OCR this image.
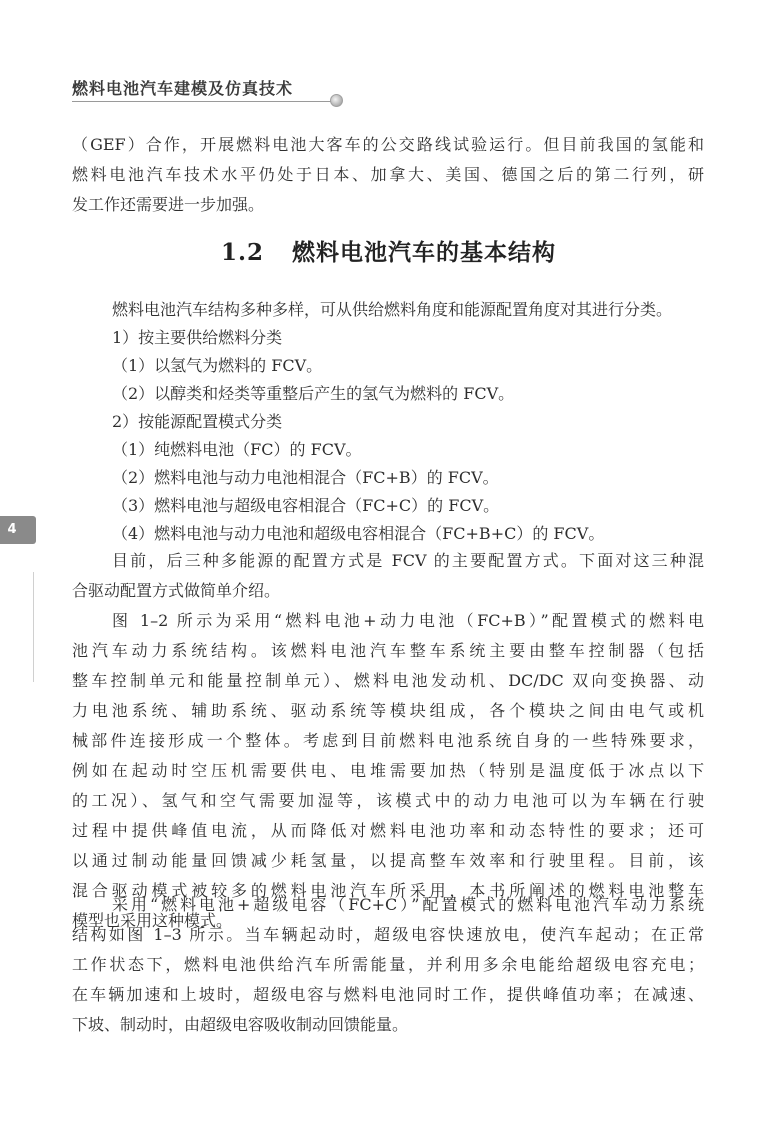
燃料电池汽车建模及仿真技术
（GEF）合作，开展燃料电池大客车的公交路线试验运行。但目前我国的氢能和
燃料电池汽车技术水平仍处于日本、加拿大、美国、德国之后的第二行列，研
发工作还需要进一步加强。
1.2 燃料电池汽车的基本结构
燃料电池汽车结构多种多样，可从供给燃料角度和能源配置角度对其进行分类。
1）按主要供给燃料分类
（1）以氢气为燃料的 FCV。
（2）以醇类和烃类等重整后产生的氢气为燃料的 FCV。
2）按能源配置模式分类
（1）纯燃料电池（FC）的 FCV。
（2）燃料电池与动力电池相混合（FC+B）的 FCV。
（3）燃料电池与超级电容相混合（FC+C）的 FCV。
（4）燃料电池与动力电池和超级电容相混合（FC+B+C）的 FCV。
4
目前，后三种多能源的配置方式是 FCV 的主要配置方式。下面对这三种混
合驱动配置方式做简单介绍。
图 1–2 所示为采用“燃料电池+动力电池（FC+B）”配置模式的燃料电
池汽车动力系统结构。该燃料电池汽车整车系统主要由整车控制器（包括
整车控制单元和能量控制单元）、燃料电池发动机、DC/DC 双向变换器、动
力电池系统、辅助系统、驱动系统等模块组成，各个模块之间由电气或机
械部件连接形成一个整体。考虑到目前燃料电池系统自身的一些特殊要求，
例如在起动时空压机需要供电、电堆需要加热（特别是温度低于冰点以下
的工况）、氢气和空气需要加湿等，该模式中的动力电池可以为车辆在行驶
过程中提供峰值电流，从而降低对燃料电池功率和动态特性的要求；还可
以通过制动能量回馈减少耗氢量，以提高整车效率和行驶里程。目前，该
混合驱动模式被较多的燃料电池汽车所采用，本书所阐述的燃料电池整车
模型也采用这种模式。
采用“燃料电池+超级电容（FC+C）”配置模式的燃料电池汽车动力系统
结构如图 1–3 所示。当车辆起动时，超级电容快速放电，使汽车起动；在正常
工作状态下，燃料电池供给汽车所需能量，并利用多余电能给超级电容充电；
在车辆加速和上坡时，超级电容与燃料电池同时工作，提供峰值功率；在减速、
下坡、制动时，由超级电容吸收制动回馈能量。
